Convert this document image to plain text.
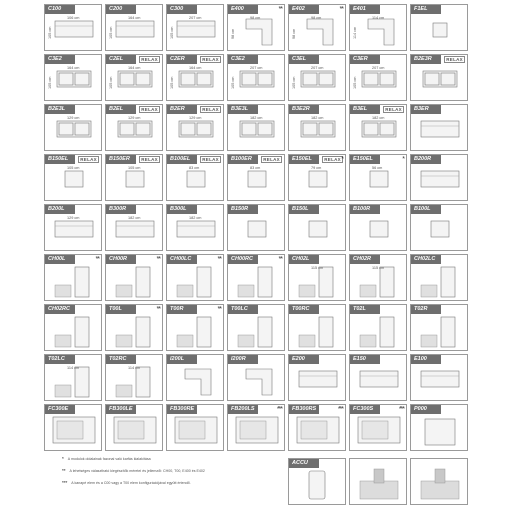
C100
106 cm
105 cm
C200
164 cm
105 cm
C300
207 cm
105 cm
E400	**
98 cm
98 cm
E402	**
98 cm
98 cm
E401
114 cm
114 cm
F1EL
C3E2
164 cm
105 cm
C2EL	RELAX
164 cm
105 cm
C2ER	RELAX
164 cm
105 cm
C3E2
207 cm
105 cm
C3EL
207 cm
105 cm
C3ER
207 cm
105 cm
B2E3R	RELAX
B2E3L
129 cm
B2EL	RELAX
129 cm
B2ER	RELAX
129 cm
B3E3L
182 cm
B3E2R
182 cm
B3EL	RELAX
182 cm
B3ER
B150EL	RELAX
105 cm
B150ER	RELAX
105 cm
B100EL	RELAX
83 cm
B100ER	RELAX
83 cm
E150EL	RELAX *
79 cm
E150EL	*
56 cm
B200R
B200L
129 cm
B300R
182 cm
B300L
182 cm
B150R	B150L	B100R	B100L
CH00L	**	CH00R	**	CH00LC	**	CH00RC	**	CH02L
115 cm
CH02R
115 cm
CH02LC
CH02RC	T00L	**	T00R	**	T00LC	T00RC	T02L	T02R
T02LC
114 cm
T02RC
114 cm
I200L	I200R	E200	E150	E100
FC300E	FB300LE	FB300RE	FB200LS	***	FB300RS	***	FC300S	***	P000
ACCU
* A modulok oldalainak fazonai való karfás kialakítása
** A lehetséges választható kiegészítők méretei és jellemzői: CH00, T00, E400 és E402
*** A kanapé elem és a C00 vagy a T00 elem konfigurációjával együtt értendő.
